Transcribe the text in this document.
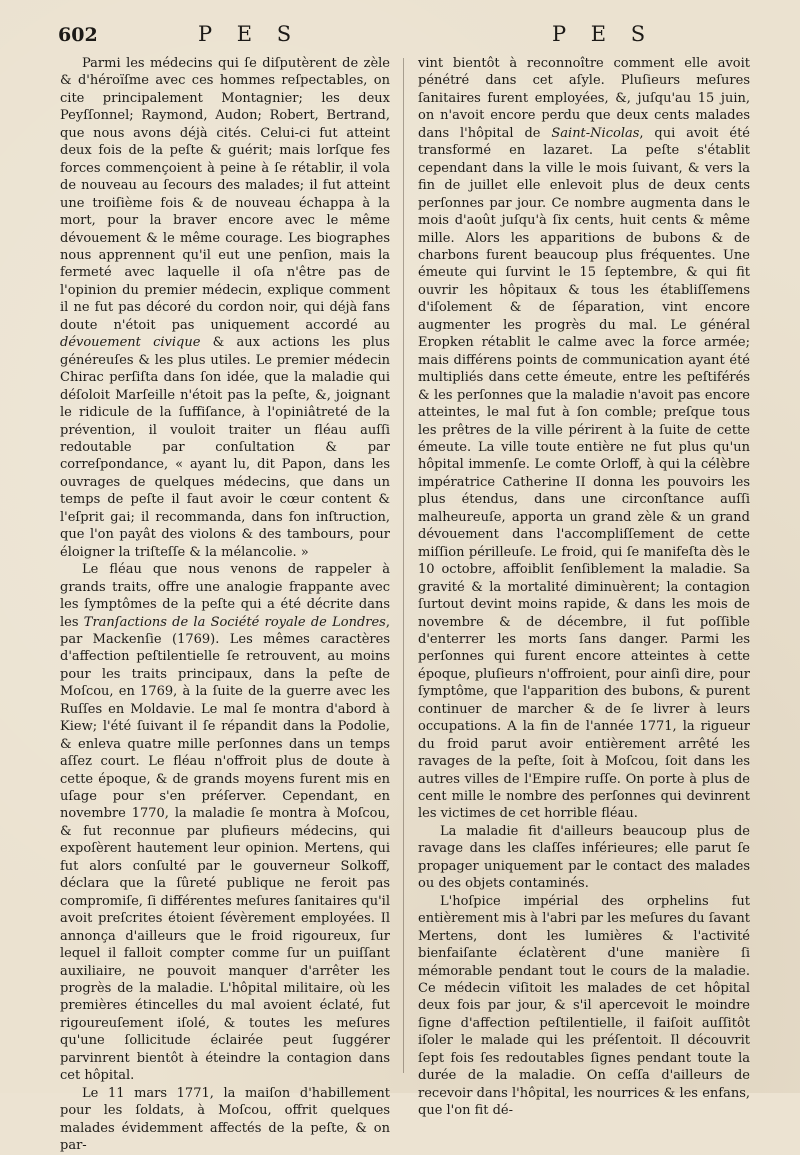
602	P E S	P E S

Parmi les médecins qui ſe diſputèrent de zèle & d'héroïſme avec ces hommes reſpectables, on cite principalement Montagnier; les deux Peyſſonnel; Raymond, Audon; Robert, Bertrand, que nous avons déjà cités. Celui-ci fut atteint deux fois de la peſte & guérit; mais lorſque fes forces commençoient à peine à ſe rétablir, il vola de nouveau au ſecours des malades; il fut atteint une troiſième fois & de nouveau échappa à la mort, pour la braver encore avec le même dévouement & le même courage. Les biographes nous apprennent qu'il eut une penſion, mais la fermeté avec laquelle il oſa n'être pas de l'opinion du premier médecin, explique comment il ne fut pas décoré du cordon noir, qui déjà fans doute n'étoit pas uniquement accordé au dévouement civique & aux actions les plus généreuſes & les plus utiles. Le premier médecin Chirac perſiſta dans ſon idée, que la maladie qui déſoloit Marſeille n'étoit pas la peſte, &, joignant le ridicule de la ſuffiſance, à l'opiniâtreté de la prévention, il vouloit traiter un fléau auſſi redoutable par conſultation & par correſpondance, « ayant lu, dit Papon, dans les ouvrages de quelques médecins, que dans un temps de peſte il faut avoir le cœur content & l'eſprit gai; il recommanda, dans fon inſtruction, que l'on payât des violons & des tambours, pour éloigner la triſteſſe & la mélancolie. »

Le fléau que nous venons de rappeler à grands traits, offre une analogie frappante avec les ſymptômes de la peſte qui a été décrite dans les Tranſactions de la Société royale de Londres, par Mackenſie (1769). Les mêmes caractères d'affection peſtilentielle ſe retrouvent, au moins pour les traits principaux, dans la peſte de Moſcou, en 1769, à la ſuite de la guerre avec les Ruſſes en Moldavie. Le mal ſe montra d'abord à Kiew; l'été ſuivant il ſe répandit dans la Podolie, & enleva quatre mille perſonnes dans un temps aſſez court. Le fléau n'offroit plus de doute à cette époque, & de grands moyens furent mis en uſage pour s'en préſerver. Cependant, en novembre 1770, la maladie ſe montra à Moſcou, & fut reconnue par plufieurs médecins, qui expoſèrent hautement leur opinion. Mertens, qui fut alors conſulté par le gouverneur Solkoff, déclara que la ſûreté publique ne feroit pas compromiſe, ſi différentes meſures ſanitaires qu'il avoit preſcrites étoient ſévèrement employées. Il annonça d'ailleurs que le froid rigoureux, ſur lequel il falloit compter comme ſur un puiſſant auxiliaire, ne pouvoit manquer d'arrêter les progrès de la maladie. L'hôpital militaire, où les premières étincelles du mal avoient éclaté, fut rigoureuſement iſolé, & toutes les meſures qu'une ſollicitude éclairée peut ſuggérer parvinrent bientôt à éteindre la contagion dans cet hôpital.

Le 11 mars 1771, la maiſon d'habillement pour les ſoldats, à Moſcou, offrit quelques malades évidemment affectés de la peſte, & on par-

vint bientôt à reconnoître comment elle avoit pénétré dans cet aſyle. Pluſieurs meſures ſanitaires furent employées, &, juſqu'au 15 juin, on n'avoit encore perdu que deux cents malades dans l'hôpital de Saint-Nicolas, qui avoit été transformé en lazaret. La peſte s'établit cependant dans la ville le mois ſuivant, & vers la fin de juillet elle enlevoit plus de deux cents perſonnes par jour. Ce nombre augmenta dans le mois d'août juſqu'à ſix cents, huit cents & même mille. Alors les apparitions de bubons & de charbons furent beaucoup plus fréquentes. Une émeute qui ſurvint le 15 ſeptembre, & qui fit ouvrir les hôpitaux & tous les établiſſemens d'iſolement & de ſéparation, vint encore augmenter les progrès du mal. Le général Eropken rétablit le calme avec la force armée; mais différens points de communication ayant été multipliés dans cette émeute, entre les peſtiférés & les perſonnes que la maladie n'avoit pas encore atteintes, le mal fut à ſon comble; preſque tous les prêtres de la ville périrent à la ſuite de cette émeute. La ville toute entière ne fut plus qu'un hôpital immenſe. Le comte Orloff, à qui la célèbre impératrice Catherine II donna les pouvoirs les plus étendus, dans une circonſtance auſſi malheureuſe, apporta un grand zèle & un grand dévouement dans l'accompliſſement de cette miſſion périlleuſe. Le froid, qui ſe manifeſta dès le 10 octobre, affoiblit ſenſiblement la maladie. Sa gravité & la mortalité diminuèrent; la contagion ſurtout devint moins rapide, & dans les mois de novembre & de décembre, il fut poſſible d'enterrer les morts ſans danger. Parmi les perſonnes qui furent encore atteintes à cette époque, pluſieurs n'offroient, pour ainſi dire, pour ſymptôme, que l'apparition des bubons, & purent continuer de marcher & de ſe livrer à leurs occupations. A la fin de l'année 1771, la rigueur du froid parut avoir entièrement arrêté les ravages de la peſte, ſoit à Moſcou, ſoit dans les autres villes de l'Empire ruſſe. On porte à plus de cent mille le nombre des perſonnes qui devinrent les victimes de cet horrible fléau.

La maladie fit d'ailleurs beaucoup plus de ravage dans les claſſes inférieures; elle parut ſe propager uniquement par le contact des malades ou des objets contaminés.

L'hoſpice impérial des orphelins fut entièrement mis à l'abri par les meſures du ſavant Mertens, dont les lumières & l'activité bienfaiſante éclatèrent d'une manière ſi mémorable pendant tout le cours de la maladie. Ce médecin viſitoit les malades de cet hôpital deux fois par jour, & s'il apercevoit le moindre ſigne d'affection peſtilentielle, il faiſoit auſſitôt iſoler le malade qui les préſentoit. Il découvrit ſept fois ſes redoutables ſignes pendant toute la durée de la maladie. On ceſſa d'ailleurs de recevoir dans l'hôpital, les nourrices & les enfans, que l'on fit dé-
